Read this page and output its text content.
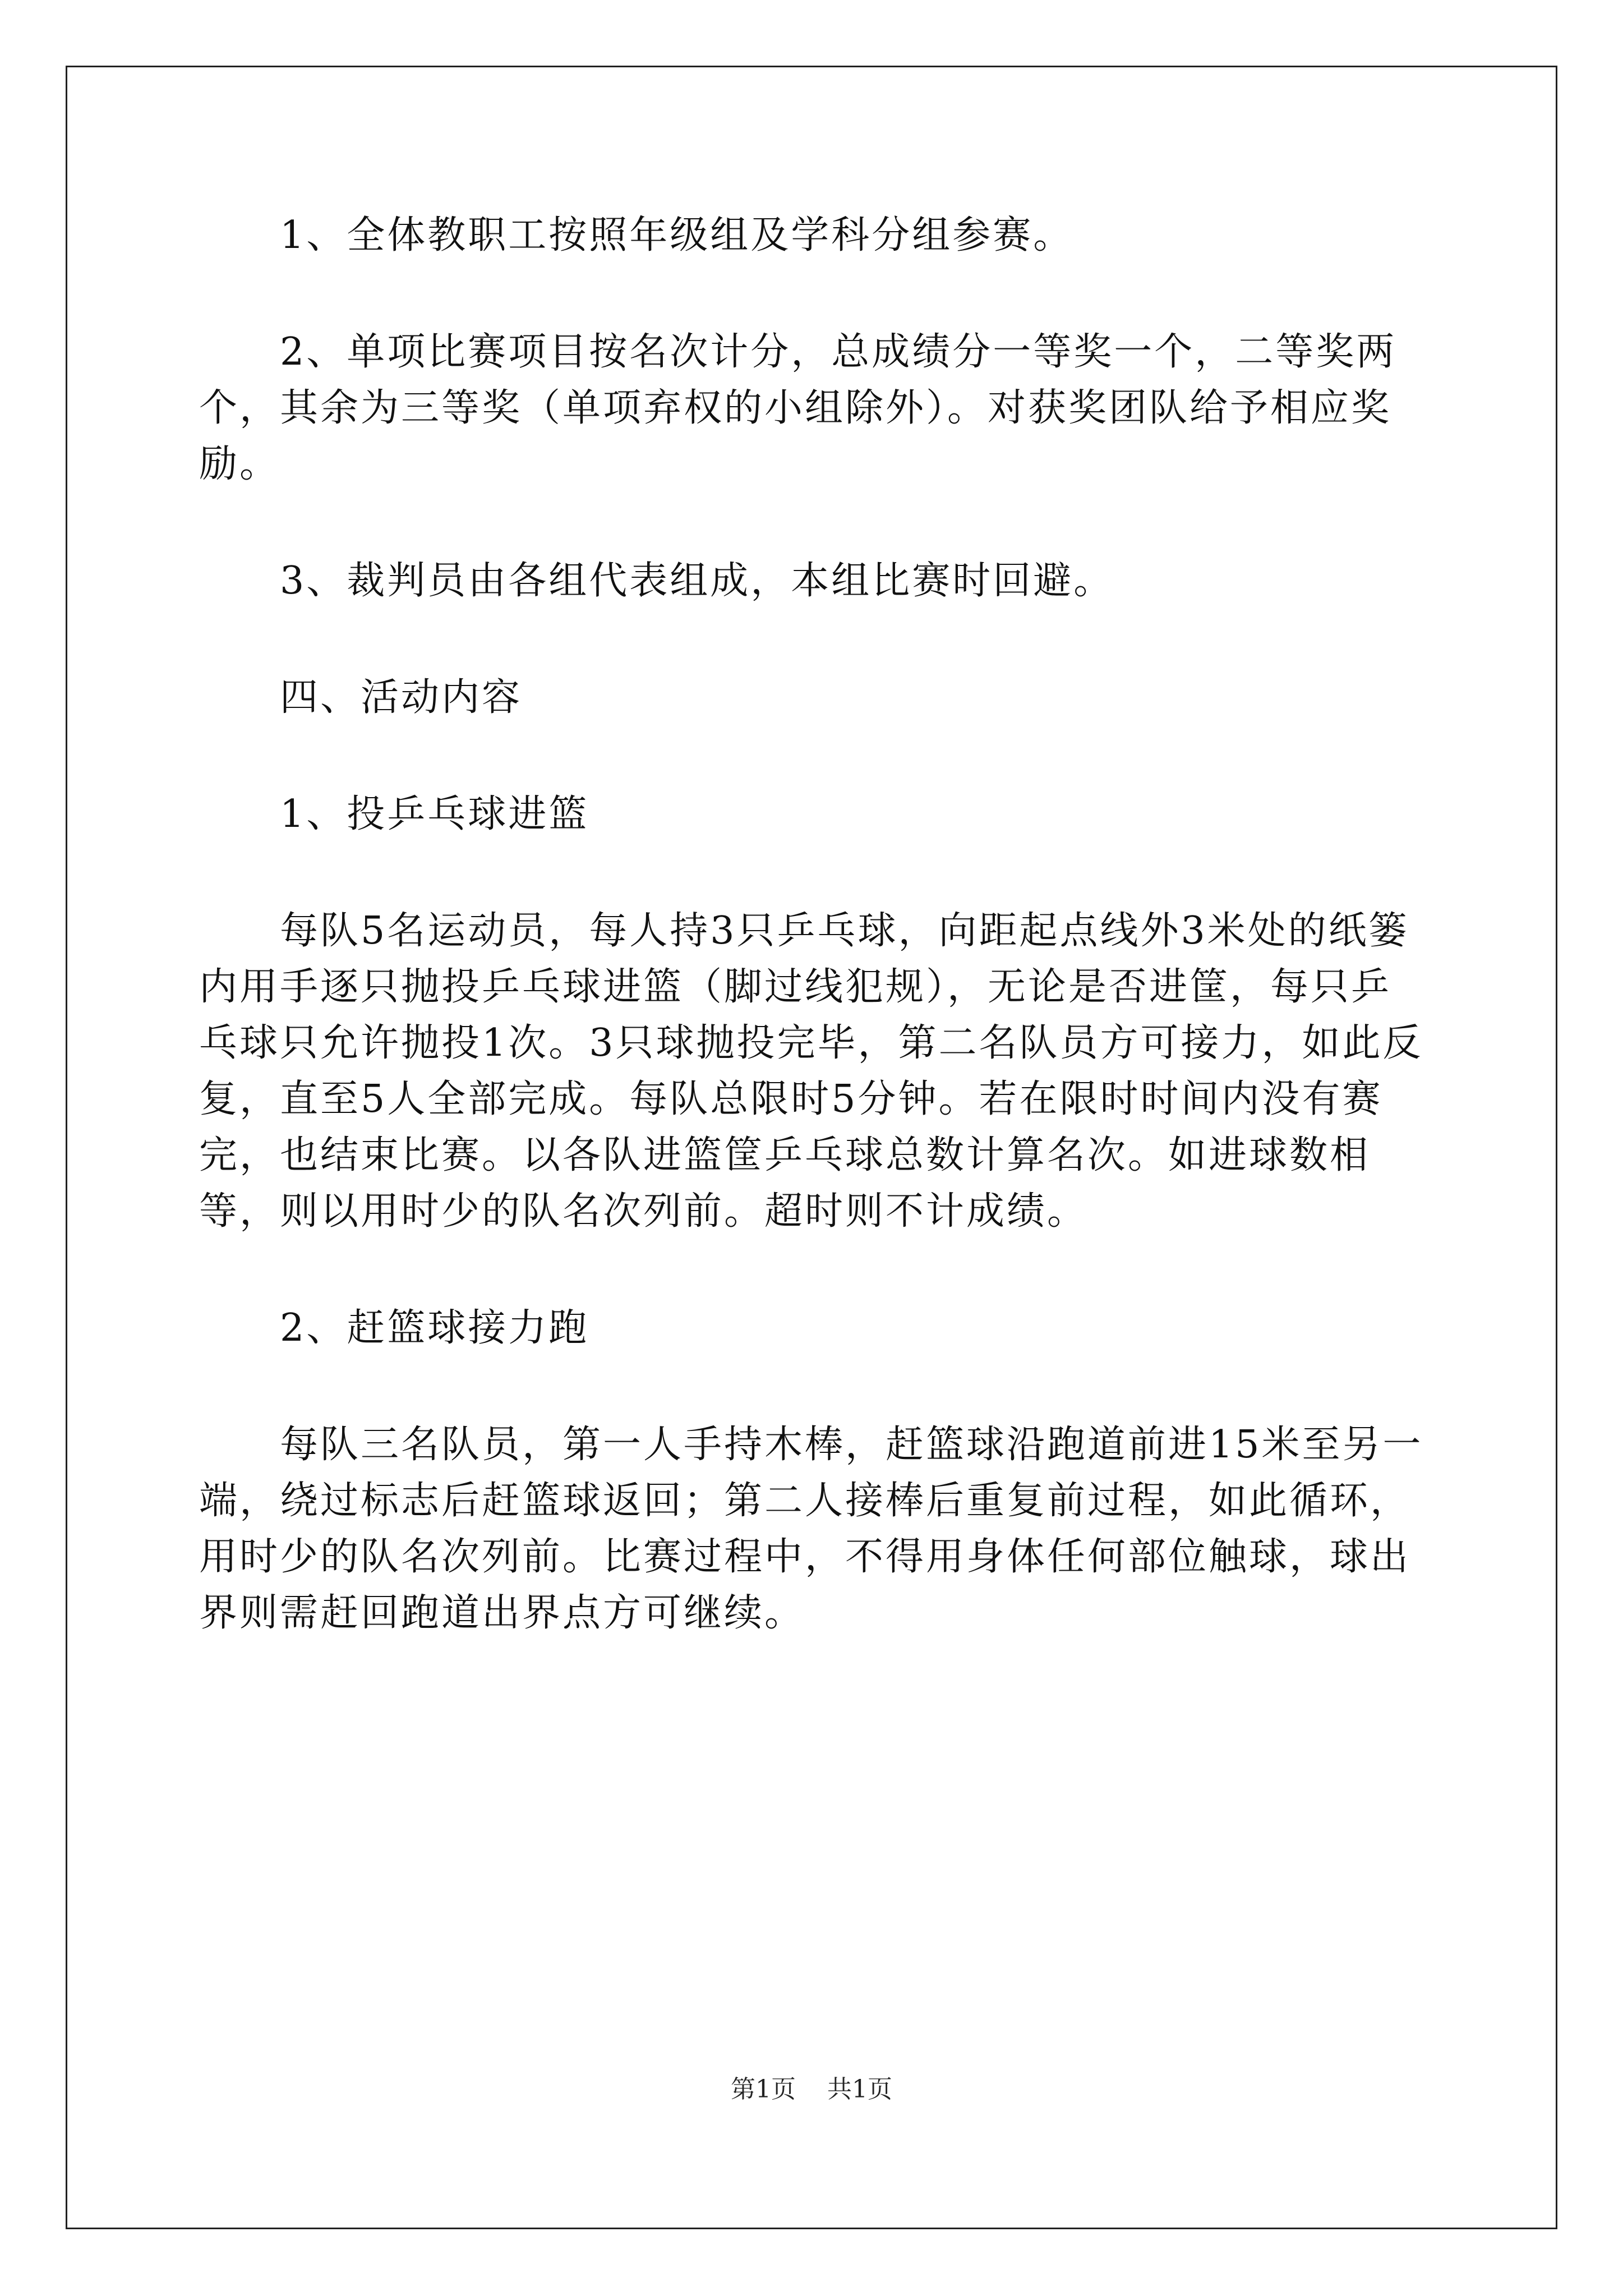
1、全体教职工按照年级组及学科分组参赛。

2、单项比赛项目按名次计分，总成绩分一等奖一个，二等奖两个，其余为三等奖（单项弃权的小组除外）。对获奖团队给予相应奖励。

3、裁判员由各组代表组成，本组比赛时回避。

四、活动内容

1、投乒乓球进篮

每队5名运动员，每人持3只乒乓球，向距起点线外3米处的纸篓内用手逐只抛投乒乓球进篮（脚过线犯规），无论是否进筐，每只乒乓球只允许抛投1次。3只球抛投完毕，第二名队员方可接力，如此反复，直至5人全部完成。每队总限时5分钟。若在限时时间内没有赛完，也结束比赛。以各队进篮筐乒乓球总数计算名次。如进球数相等，则以用时少的队名次列前。超时则不计成绩。

2、赶篮球接力跑

每队三名队员，第一人手持木棒，赶篮球沿跑道前进15米至另一端，绕过标志后赶篮球返回；第二人接棒后重复前过程，如此循环，用时少的队名次列前。比赛过程中，不得用身体任何部位触球，球出界则需赶回跑道出界点方可继续。

第1页 共1页
